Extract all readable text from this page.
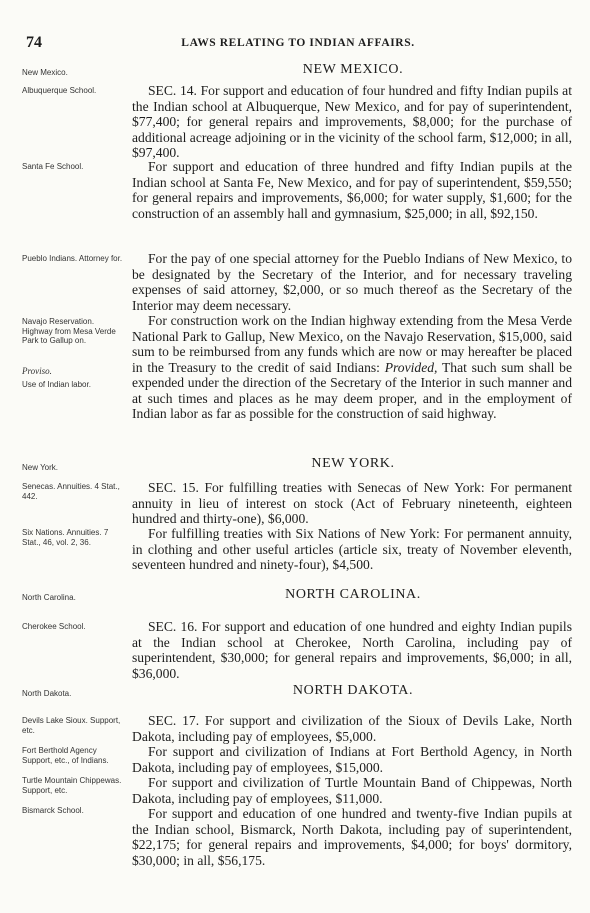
74	LAWS RELATING TO INDIAN AFFAIRS.
New Mexico.	NEW MEXICO.
Albuquerque School.	SEC. 14. For support and education of four hundred and fifty Indian pupils at the Indian school at Albuquerque, New Mexico, and for pay of superintendent, $77,400; for general repairs and improvements, $8,000; for the purchase of additional acreage adjoining or in the vicinity of the school farm, $12,000; in all, $97,400.
Santa Fe School.	For support and education of three hundred and fifty Indian pupils at the Indian school at Santa Fe, New Mexico, and for pay of superintendent, $59,550; for general repairs and improvements, $6,000; for water supply, $1,600; for the construction of an assembly hall and gymnasium, $25,000; in all, $92,150.
Pueblo Indians. Attorney for.	For the pay of one special attorney for the Pueblo Indians of New Mexico, to be designated by the Secretary of the Interior, and for necessary traveling expenses of said attorney, $2,000, or so much thereof as the Secretary of the Interior may deem necessary.
Navajo Reservation. Highway from Mesa Verde Park to Gallup on.
Proviso.
Use of Indian labor.
For construction work on the Indian highway extending from the Mesa Verde National Park to Gallup, New Mexico, on the Navajo Reservation, $15,000, said sum to be reimbursed from any funds which are now or may hereafter be placed in the Treasury to the credit of said Indians: Provided, That such sum shall be expended under the direction of the Secretary of the Interior in such manner and at such times and places as he may deem proper, and in the employment of Indian labor as far as possible for the construction of said highway.
New York.	NEW YORK.
Senecas. Annuities. 4 Stat., 442.
SEC. 15. For fulfilling treaties with Senecas of New York: For permanent annuity in lieu of interest on stock (Act of February nineteenth, eighteen hundred and thirty-one), $6,000.
Six Nations. Annuities. 7 Stat., 46, vol. 2, 36.
For fulfilling treaties with Six Nations of New York: For permanent annuity, in clothing and other useful articles (article six, treaty of November eleventh, seventeen hundred and ninety-four), $4,500.
North Carolina.	NORTH CAROLINA.
Cherokee School.	SEC. 16. For support and education of one hundred and eighty Indian pupils at the Indian school at Cherokee, North Carolina, including pay of superintendent, $30,000; for general repairs and improvements, $6,000; in all, $36,000.
North Dakota.	NORTH DAKOTA.
Devils Lake Sioux. Support, etc.
SEC. 17. For support and civilization of the Sioux of Devils Lake, North Dakota, including pay of employees, $5,000.
Fort Berthold Agency Support, etc., of Indians.
For support and civilization of Indians at Fort Berthold Agency, in North Dakota, including pay of employees, $15,000.
Turtle Mountain Chippewas. Support, etc.
For support and civilization of Turtle Mountain Band of Chippewas, North Dakota, including pay of employees, $11,000.
Bismarck School.	For support and education of one hundred and twenty-five Indian pupils at the Indian school, Bismarck, North Dakota, including pay of superintendent, $22,175; for general repairs and improvements, $4,000; for boys' dormitory, $30,000; in all, $56,175.
